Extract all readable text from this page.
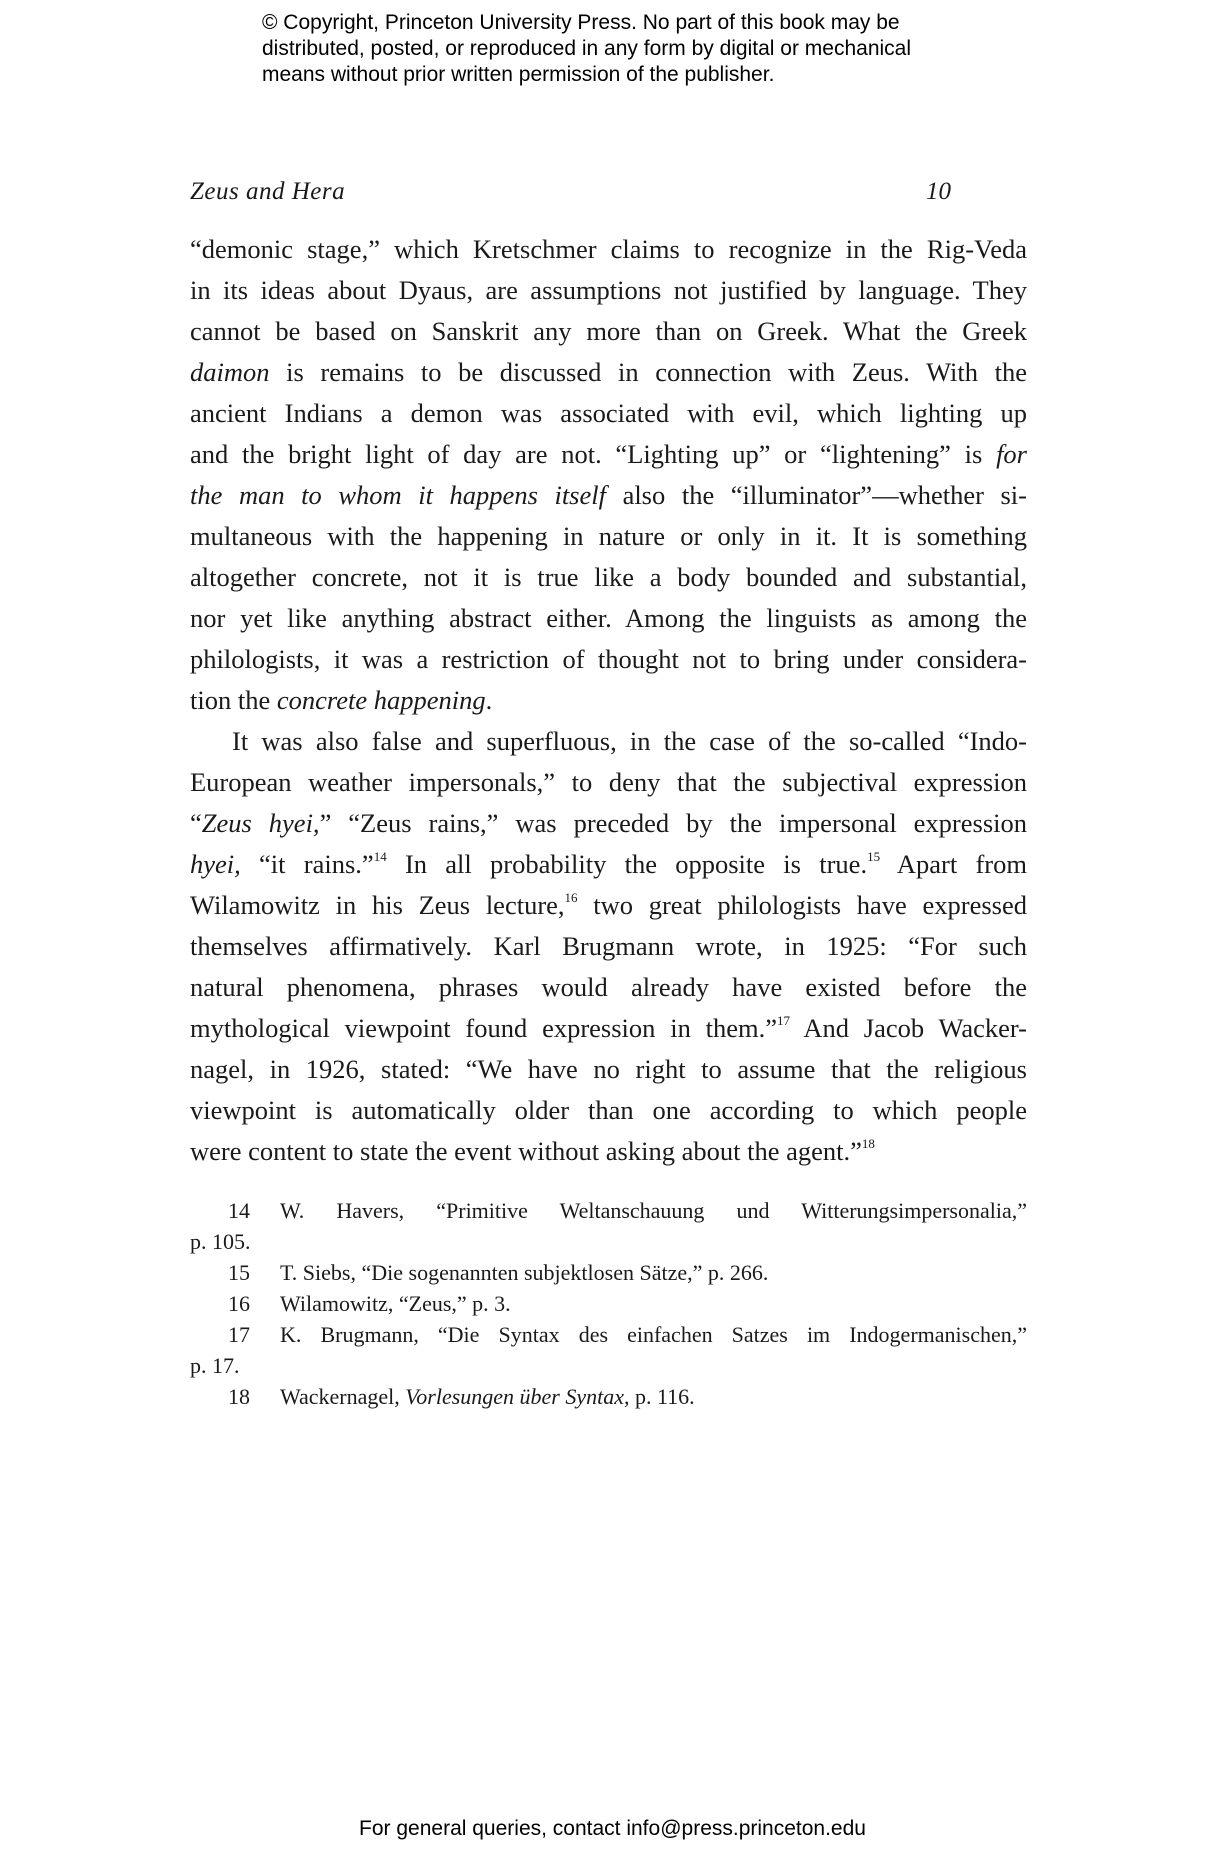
© Copyright, Princeton University Press. No part of this book may be
distributed, posted, or reproduced in any form by digital or mechanical
means without prior written permission of the publisher.
Zeus and Hera	10
“demonic stage,” which Kretschmer claims to recognize in the Rig-Veda
in its ideas about Dyaus, are assumptions not justified by language. They
cannot be based on Sanskrit any more than on Greek. What the Greek
daimon is remains to be discussed in connection with Zeus. With the
ancient Indians a demon was associated with evil, which lighting up
and the bright light of day are not. “Lighting up” or “lightening” is for
the man to whom it happens itself also the “illuminator”—whether si-
multaneous with the happening in nature or only in it. It is something
altogether concrete, not it is true like a body bounded and substantial,
nor yet like anything abstract either. Among the linguists as among the
philologists, it was a restriction of thought not to bring under considera-
tion the concrete happening.
It was also false and superfluous, in the case of the so-called “Indo-
European weather impersonals,” to deny that the subjectival expression
“Zeus hyei,” “Zeus rains,” was preceded by the impersonal expression
hyei, “it rains.”$^{14}$ In all probability the opposite is true.$^{15}$ Apart from
Wilamowitz in his Zeus lecture,$^{16}$ two great philologists have expressed
themselves affirmatively. Karl Brugmann wrote, in 1925: “For such
natural phenomena, phrases would already have existed before the
mythological viewpoint found expression in them.”$^{17}$ And Jacob Wacker-
nagel, in 1926, stated: “We have no right to assume that the religious
viewpoint is automatically older than one according to which people
were content to state the event without asking about the agent.”$^{18}$
14 W. Havers, “Primitive Weltanschauung und Witterungsimpersonalia,”
p. 105.
15 T. Siebs, “Die sogenannten subjektlosen Sätze,” p. 266.
16 Wilamowitz, “Zeus,” p. 3.
17 K. Brugmann, “Die Syntax des einfachen Satzes im Indogermanischen,”
p. 17.
18 Wackernagel, Vorlesungen über Syntax, p. 116.
For general queries, contact info@press.princeton.edu
